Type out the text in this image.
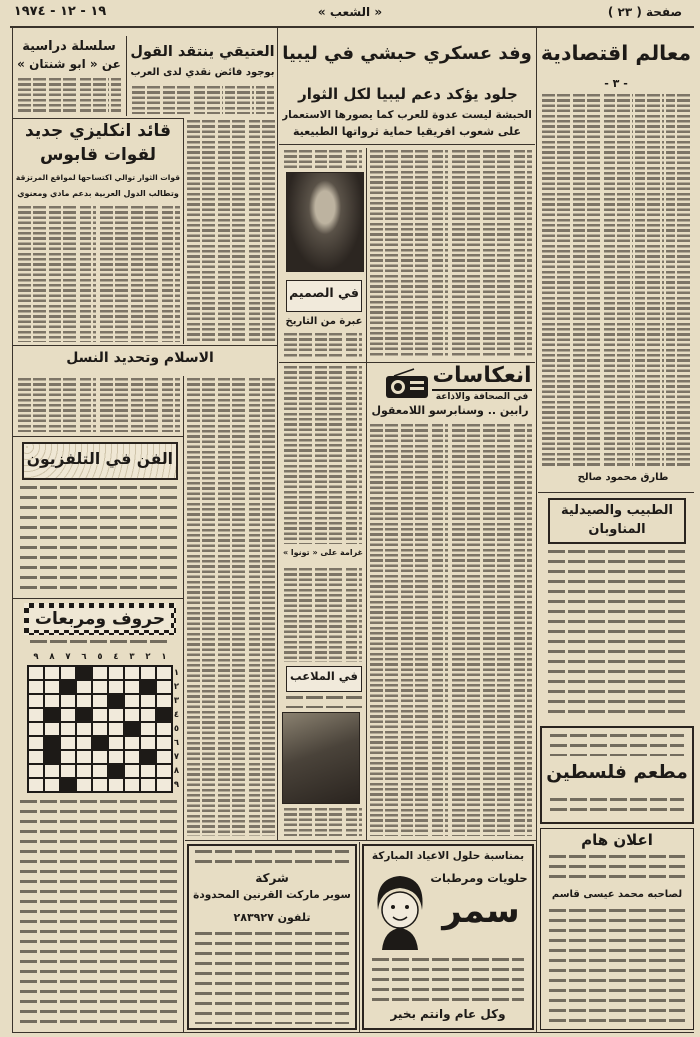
صفحة ( ٢٣ )
« الشعب »
١٩ - ١٢ - ١٩٧٤
معالم اقتصادية
- ٣ -
طارق محمود صالح
الطبيب والصيدلية
المناوبان
مطعم فلسطين
اعلان هام
لصاحبه محمد عيسى قاسم
وفد عسكري حبشي في ليبيا
جلود يؤكد دعم ليبيا لكل الثوار
الحبشة ليست عدوة للعرب كما يصورها الاستعمار
على شعوب افريقيا حماية ثرواتها الطبيعية
في الصميم
عبرة من التاريخ
انعكاسات
في الصحافة والاذاعة
رابين .. وسنابرسو اللامعقول
غرامة على « تونوا »
في الملاعب
بمناسبة حلول الاعياد المباركة
حلويات ومرطبات
سمر
وكل عام وانتم بخير
شركة
سوبر ماركت القرنين المحدودة
تلفون ٢٨٣٩٢٧
العتيقي ينتقد القول
بوجود فائض نقدي لدى العرب
سلسلة دراسية
عن « ابو شنتان »
قائد انكليزي جديد
لقوات قابوس
قوات الثوار توالي اكتساحها لمواقع المرتزقة
وتطالب الدول العربية بدعم مادي ومعنوي
الاسلام وتحديد النسل
الفن في التلفزيون
حروف ومربعات
١
٢
٣
٤
٥
٦
٧
٨
٩
١
٢
٣
٤
٥
٦
٧
٨
٩
